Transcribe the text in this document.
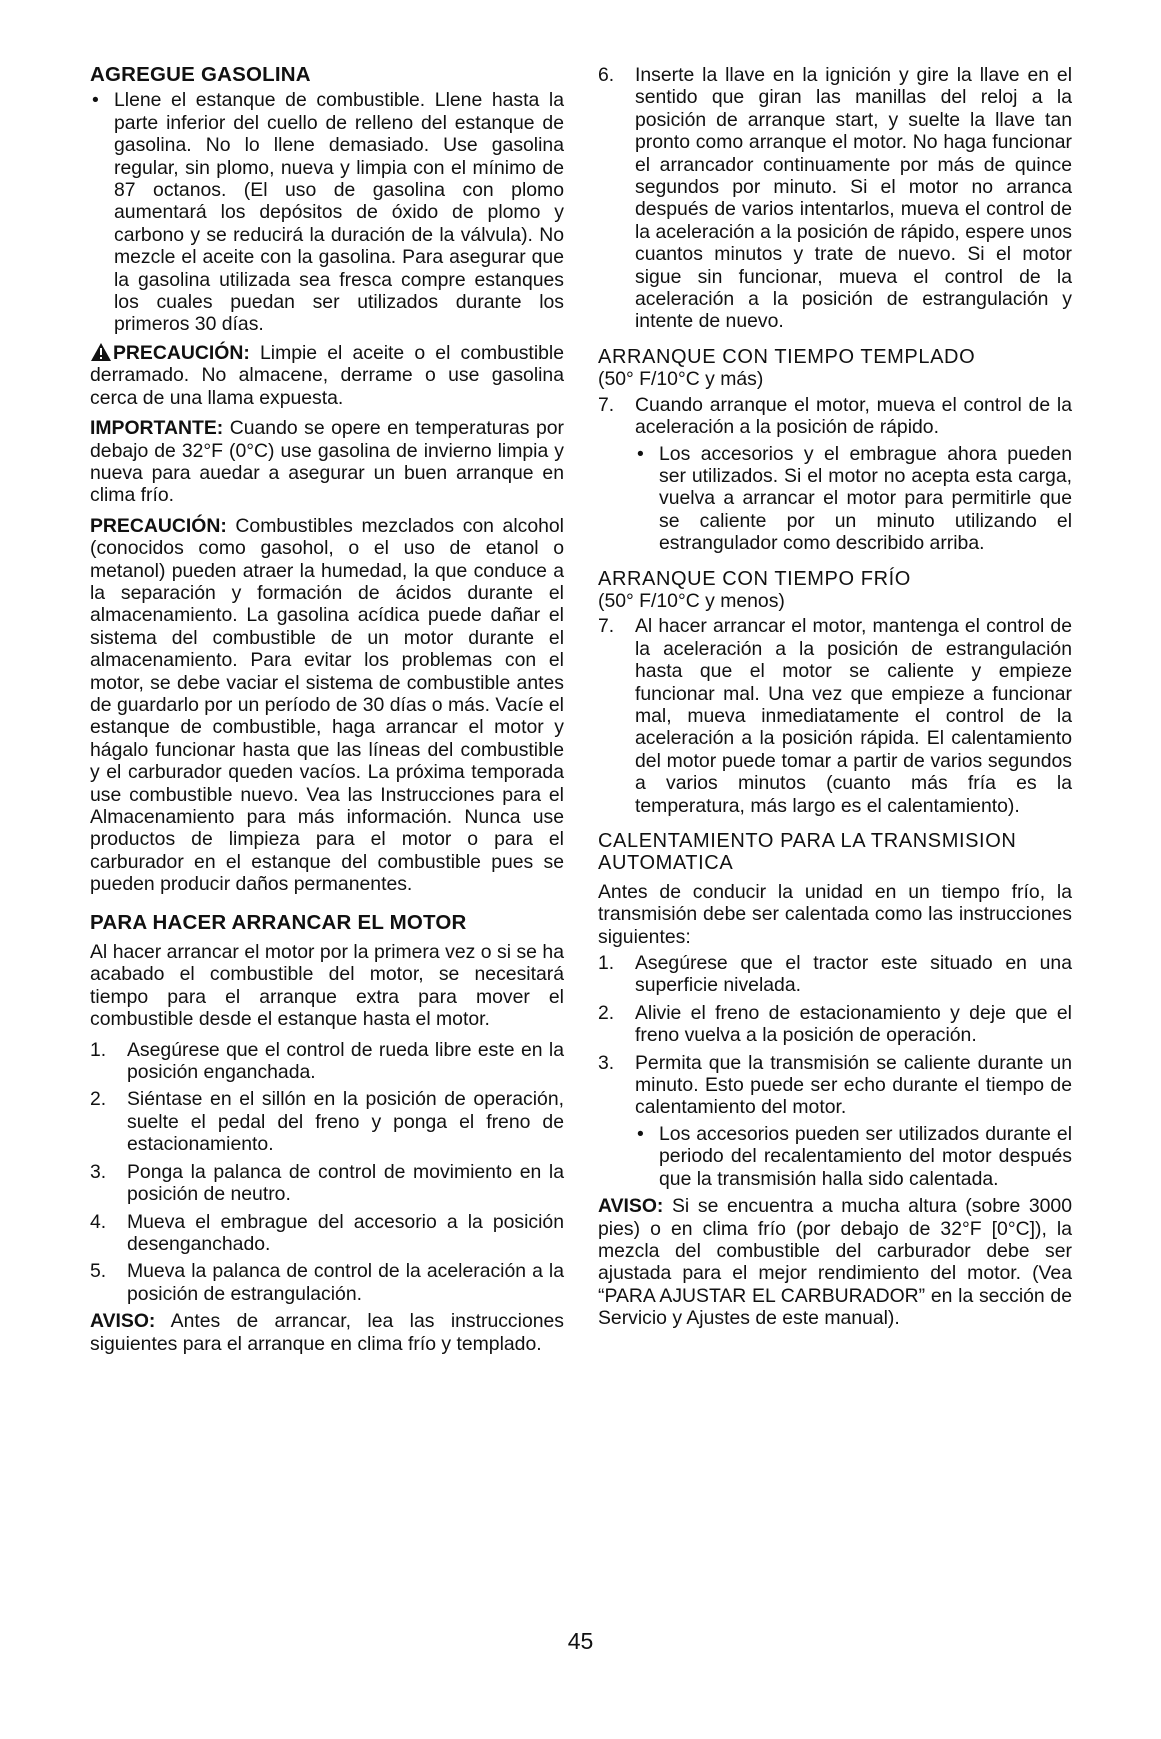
AGREGUE GASOLINA

• Llene el estanque de combustible. Llene hasta la parte inferior del cuello de relleno del estanque de gasolina. No lo llene demasiado. Use gasolina regular, sin plomo, nueva y limpia con el mínimo de 87 octanos. (El uso de gasolina con plomo aumentará los depósitos de óxido de plomo y carbono y se reducirá la duración de la válvula). No mezcle el aceite con la gasolina. Para asegurar que la gasolina utilizada sea fresca compre estanques los cuales puedan ser utilizados durante los primeros 30 días.

PRECAUCIÓN: Limpie el aceite o el combustible derramado. No almacene, derrame o use gasolina cerca de una llama expuesta.

IMPORTANTE: Cuando se opere en temperaturas por debajo de 32°F (0°C) use gasolina de invierno limpia y nueva para auedar a asegurar un buen arranque en clima frío.

PRECAUCIÓN: Combustibles mezclados con alcohol (conocidos como gasohol, o el uso de etanol o metanol) pueden atraer la humedad, la que conduce a la separación y formación de ácidos durante el almacenamiento. La gasolina acídica puede dañar el sistema del combustible de un motor durante el almacenamiento. Para evitar los problemas con el motor, se debe vaciar el sistema de combustible antes de guardarlo por un período de 30 días o más. Vacíe el estanque de combustible, haga arrancar el motor y hágalo funcionar hasta que las líneas del combustible y el carburador queden vacíos. La próxima temporada use combustible nuevo. Vea las Instrucciones para el Almacenamiento para más información. Nunca use productos de limpieza para el motor o para el carburador en el estanque del combustible pues se pueden producir daños permanentes.

PARA HACER ARRANCAR EL MOTOR

Al hacer arrancar el motor por la primera vez o si se ha acabado el combustible del motor, se necesitará tiempo para el arranque extra para mover el combustible desde el estanque hasta el motor.

1. Asegúrese que el control de rueda libre este en la posición enganchada.
2. Siéntase en el sillón en la posición de operación, suelte el pedal del freno y ponga el freno de estacionamiento.
3. Ponga la palanca de control de movimiento en la posición de neutro.
4. Mueva el embrague del accesorio a la posición desenganchado.
5. Mueva la palanca de control de la aceleración a la posición de estrangulación.

AVISO: Antes de arrancar, lea las instrucciones siguientes para el arranque en clima frío y templado.

6. Inserte la llave en la ignición y gire la llave en el sentido que giran las manillas del reloj a la posición de arranque start, y suelte la llave tan pronto como arranque el motor. No haga funcionar el arrancador continuamente por más de quince segundos por minuto. Si el motor no arranca después de varios intentarlos, mueva el control de la aceleración a la posición de rápido, espere unos cuantos minutos y trate de nuevo. Si el motor sigue sin funcionar, mueva el control de la aceleración a la posición de estrangulación y intente de nuevo.

ARRANQUE CON TIEMPO TEMPLADO

(50° F/10°C y más)

7. Cuando arranque el motor, mueva el control de la aceleración a la posición de rápido.
• Los accesorios y el embrague ahora pueden ser utilizados. Si el motor no acepta esta carga, vuelva a arrancar el motor para permitirle que se caliente por un minuto utilizando el estrangulador como describido arriba.

ARRANQUE CON TIEMPO FRÍO

(50° F/10°C y menos)

7. Al hacer arrancar el motor, mantenga el control de la aceleración a la posición de estrangulación hasta que el motor se caliente y empieze funcionar mal. Una vez que empieze a funcionar mal, mueva inmediatamente el control de la aceleración a la posición rápida. El calentamiento del motor puede tomar a partir de varios segundos a varios minutos (cuanto más fría es la temperatura, más largo es el calentamiento).

CALENTAMIENTO PARA LA TRANSMISION AUTOMATICA

Antes de conducir la unidad en un tiempo frío, la transmisión debe ser calentada como las instrucciones siguientes:

1. Asegúrese que el tractor este situado en una superficie nivelada.
2. Alivie el freno de estacionamiento y deje que el freno vuelva a la posición de operación.
3. Permita que la transmisión se caliente durante un minuto. Esto puede ser echo durante el tiempo de calentamiento del motor.
• Los accesorios pueden ser utilizados durante el periodo del recalentamiento del motor después que la transmisión halla sido calentada.

AVISO: Si se encuentra a mucha altura (sobre 3000 pies) o en clima frío (por debajo de 32°F [0°C]), la mezcla del combustible del carburador debe ser ajustada para el mejor rendimiento del motor. (Vea “PARA AJUSTAR EL CARBURADOR” en la sección de Servicio y Ajustes de este manual).

45
